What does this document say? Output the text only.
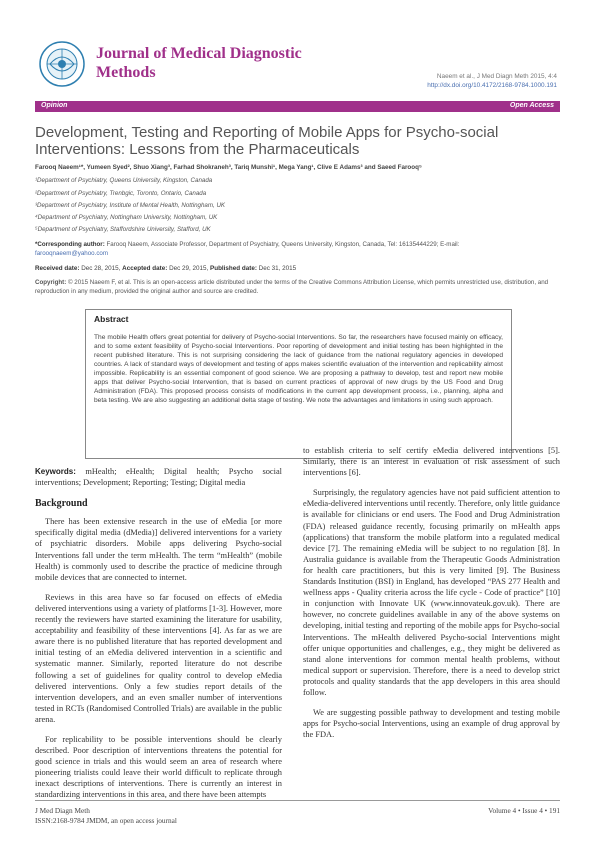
Journal of Medical Diagnostic
Methods	Naeem et al., J Med Diagn Meth 2015, 4:4
http://dx.doi.org/10.4172/2168-9784.1000.191
Opinion	Open Access
Development, Testing and Reporting of Mobile Apps for Psycho-social Interventions: Lessons from the Pharmaceuticals
Farooq Naeem¹*, Yumeen Syed², Shuo Xiang³, Farhad Shokraneh³, Tariq Munshi¹, Mega Yang¹, Clive E Adams³ and Saeed Farooq⁵
¹Department of Psychiatry, Queens University, Kingston, Canada
²Department of Psychiatry, Trenbgic, Toronto, Ontario, Canada
³Department of Psychiatry, Institute of Mental Health, Nottingham, UK
⁴Department of Psychiatry, Nottingham University, Nottingham, UK
⁵Department of Psychiatry, Staffordshire University, Stafford, UK
*Corresponding author: Farooq Naeem, Associate Professor, Department of Psychiatry, Queens University, Kingston, Canada, Tel: 16135444229; E-mail:
farooqnaeem@yahoo.com
Received date: Dec 28, 2015, Accepted date: Dec 29, 2015, Published date: Dec 31, 2015
Copyright: © 2015 Naeem F, et al. This is an open-access article distributed under the terms of the Creative Commons Attribution License, which permits unrestricted use, distribution, and reproduction in any medium, provided the original author and source are credited.
Abstract
The mobile Health offers great potential for delivery of Psycho-social Interventions. So far, the researchers have focused mainly on efficacy, and to some extent feasibility of Psycho-social Interventions. Poor reporting of development and initial testing has been highlighted in the recent published literature. This is not surprising considering the lack of guidance from the national regulatory agencies in developed countries. A lack of standard ways of development and testing of apps makes scientific evaluation of the intervention and replicability almost impossible. Replicability is an essential component of good science. We are proposing a pathway to develop, test and report new mobile apps that deliver Psycho-social Intervention, that is based on current practices of approval of new drugs by the US Food and Drug Administration (FDA). This proposed process consists of modifications in the current app development process, i.e., planning, alpha and beta testing. We are also suggesting an additional delta stage of testing. We note the advantages and limitations in using such approach.

Keywords: mHealth; eHealth; Digital health; Psycho social interventions; Development; Reporting; Testing; Digital media

Background

There has been extensive research in the use of eMedia [or more specifically digital media (dMedia)] delivered interventions for a variety of psychiatric disorders. Mobile apps delivering Psycho-social Interventions fall under the term mHealth. The term “mHealth” (mobile Health) is commonly used to describe the practice of medicine through mobile devices that are connected to internet.

Reviews in this area have so far focused on effects of eMedia delivered interventions using a variety of platforms [1-3]. However, more recently the reviewers have started examining the literature for usability, acceptability and feasibility of these interventions [4]. As far as we are aware there is no published literature that has reported development and initial testing of an eMedia delivered intervention in a scientific and systematic manner. Similarly, reported literature do not describe following a set of guidelines for quality control to develop eMedia delivered interventions. Only a few studies report details of the intervention developers, and an even smaller number of interventions tested in RCTs (Randomised Controlled Trials) are available in the public arena.

For replicability to be possible interventions should be clearly described. Poor description of interventions threatens the potential for good science in trials and this would seem an area of research where pioneering trialists could leave their world difficult to replicate through inexact descriptions of interventions. There is currently an interest in standardizing interventions in this area, and there have been attempts

to establish criteria to self certify eMedia delivered interventions [5]. Similarly, there is an interest in evaluation of risk assessment of such interventions [6].

Surprisingly, the regulatory agencies have not paid sufficient attention to eMedia-delivered interventions until recently. Therefore, only little guidance is available for clinicians or end users. The Food and Drug Administration (FDA) released guidance recently, focusing primarily on mHealth apps (applications) that transform the mobile platform into a regulated medical device [7]. The remaining eMedia will be subject to no regulation [8]. In Australia guidance is available from the Therapeutic Goods Administration for health care practitioners, but this is very limited [9]. The Business Standards Institution (BSI) in England, has developed “PAS 277 Health and wellness apps - Quality criteria across the life cycle - Code of practice” [10] in conjunction with Innovate UK (www.innovateuk.gov.uk). There are however, no concrete guidelines available in any of the above systems on developing, initial testing and reporting of the mobile apps for Psycho-social Interventions. The mHealth delivered Psycho-social Interventions might offer unique opportunities and challenges, e.g., they might be delivered as stand alone interventions for common mental health problems, without medical support or supervision. Therefore, there is a need to develop strict protocols and quality standards that the app developers in this area should follow.

We are suggesting possible pathway to development and testing mobile apps for Psycho-social Interventions, using an example of drug approval by the FDA.

J Med Diagn Meth
ISSN:2168-9784 JMDM, an open access journal
Volume 4 • Issue 4 • 191
